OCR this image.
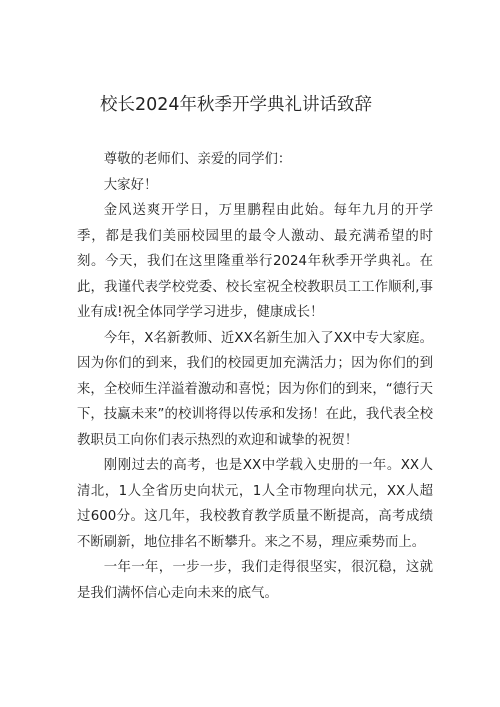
校长2024年秋季开学典礼讲话致辞

尊敬的老师们、亲爱的同学们：

大家好！

金风送爽开学日，万里鹏程由此始。每年九月的开学季，都是我们美丽校园里的最令人激动、最充满希望的时刻。今天，我们在这里隆重举行2024年秋季开学典礼。在此，我谨代表学校党委、校长室祝全校教职员工工作顺利,事业有成!祝全体同学学习进步，健康成长！

今年，X名新教师、近XX名新生加入了XX中专大家庭。因为你们的到来，我们的校园更加充满活力；因为你们的到来，全校师生洋溢着激动和喜悦；因为你们的到来，“德行天下，技赢未来”的校训将得以传承和发扬！在此，我代表全校教职员工向你们表示热烈的欢迎和诚挚的祝贺！

刚刚过去的高考，也是XX中学载入史册的一年。XX人清北，1人全省历史向状元，1人全市物理向状元，XX人超过600分。这几年，我校教育教学质量不断提高，高考成绩不断刷新，地位排名不断攀升。来之不易，理应乘势而上。

一年一年，一步一步，我们走得很坚实，很沉稳，这就是我们满怀信心走向未来的底气。
